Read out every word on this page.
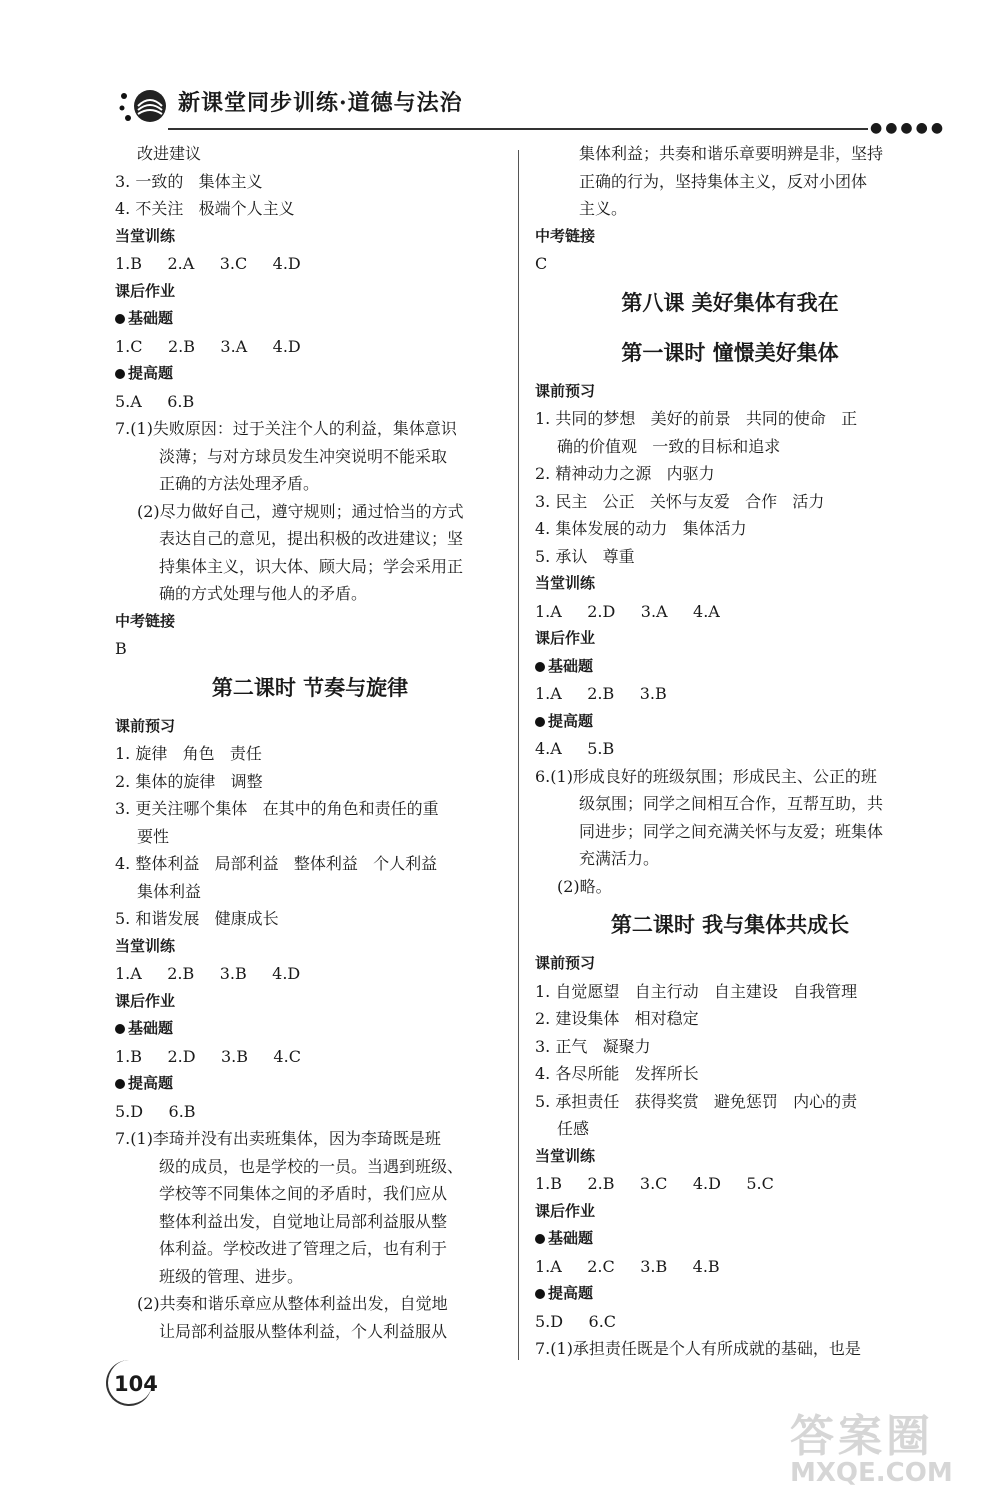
新课堂同步训练·道德与法治
●●●●●
改进建议
3. 一致的   集体主义
4. 不关注   极端个人主义
当堂训练
1.B     2.A     3.C     4.D
课后作业
基础题
1.C     2.B     3.A     4.D
提高题
5.A     6.B
7.(1)失败原因：过于关注个人的利益，集体意识
淡薄；与对方球员发生冲突说明不能采取
正确的方法处理矛盾。
(2)尽力做好自己，遵守规则；通过恰当的方式
表达自己的意见，提出积极的改进建议；坚
持集体主义，识大体、顾大局；学会采用正
确的方式处理与他人的矛盾。
中考链接
B
第二课时 节奏与旋律
课前预习
1. 旋律   角色   责任
2. 集体的旋律   调整
3. 更关注哪个集体   在其中的角色和责任的重
要性
4. 整体利益   局部利益   整体利益   个人利益
集体利益
5. 和谐发展   健康成长
当堂训练
1.A     2.B     3.B     4.D
课后作业
基础题
1.B     2.D     3.B     4.C
提高题
5.D     6.B
7.(1)李琦并没有出卖班集体，因为李琦既是班
级的成员，也是学校的一员。当遇到班级、
学校等不同集体之间的矛盾时，我们应从
整体利益出发，自觉地让局部利益服从整
体利益。学校改进了管理之后，也有利于
班级的管理、进步。
(2)共奏和谐乐章应从整体利益出发，自觉地
让局部利益服从整体利益，个人利益服从
集体利益；共奏和谐乐章要明辨是非，坚持
正确的行为，坚持集体主义，反对小团体
主义。
中考链接
C
第八课 美好集体有我在
第一课时 憧憬美好集体
课前预习
1. 共同的梦想   美好的前景   共同的使命   正
确的价值观   一致的目标和追求
2. 精神动力之源   内驱力
3. 民主   公正   关怀与友爱   合作   活力
4. 集体发展的动力   集体活力
5. 承认   尊重
当堂训练
1.A     2.D     3.A     4.A
课后作业
基础题
1.A     2.B     3.B
提高题
4.A     5.B
6.(1)形成良好的班级氛围；形成民主、公正的班
级氛围；同学之间相互合作，互帮互助，共
同进步；同学之间充满关怀与友爱；班集体
充满活力。
(2)略。
第二课时 我与集体共成长
课前预习
1. 自觉愿望   自主行动   自主建设   自我管理
2. 建设集体   相对稳定
3. 正气   凝聚力
4. 各尽所能   发挥所长
5. 承担责任   获得奖赏   避免惩罚   内心的责
任感
当堂训练
1.B     2.B     3.C     4.D     5.C
课后作业
基础题
1.A     2.C     3.B     4.B
提高题
5.D     6.C
7.(1)承担责任既是个人有所成就的基础，也是
104
答案圈
MXQE.COM
